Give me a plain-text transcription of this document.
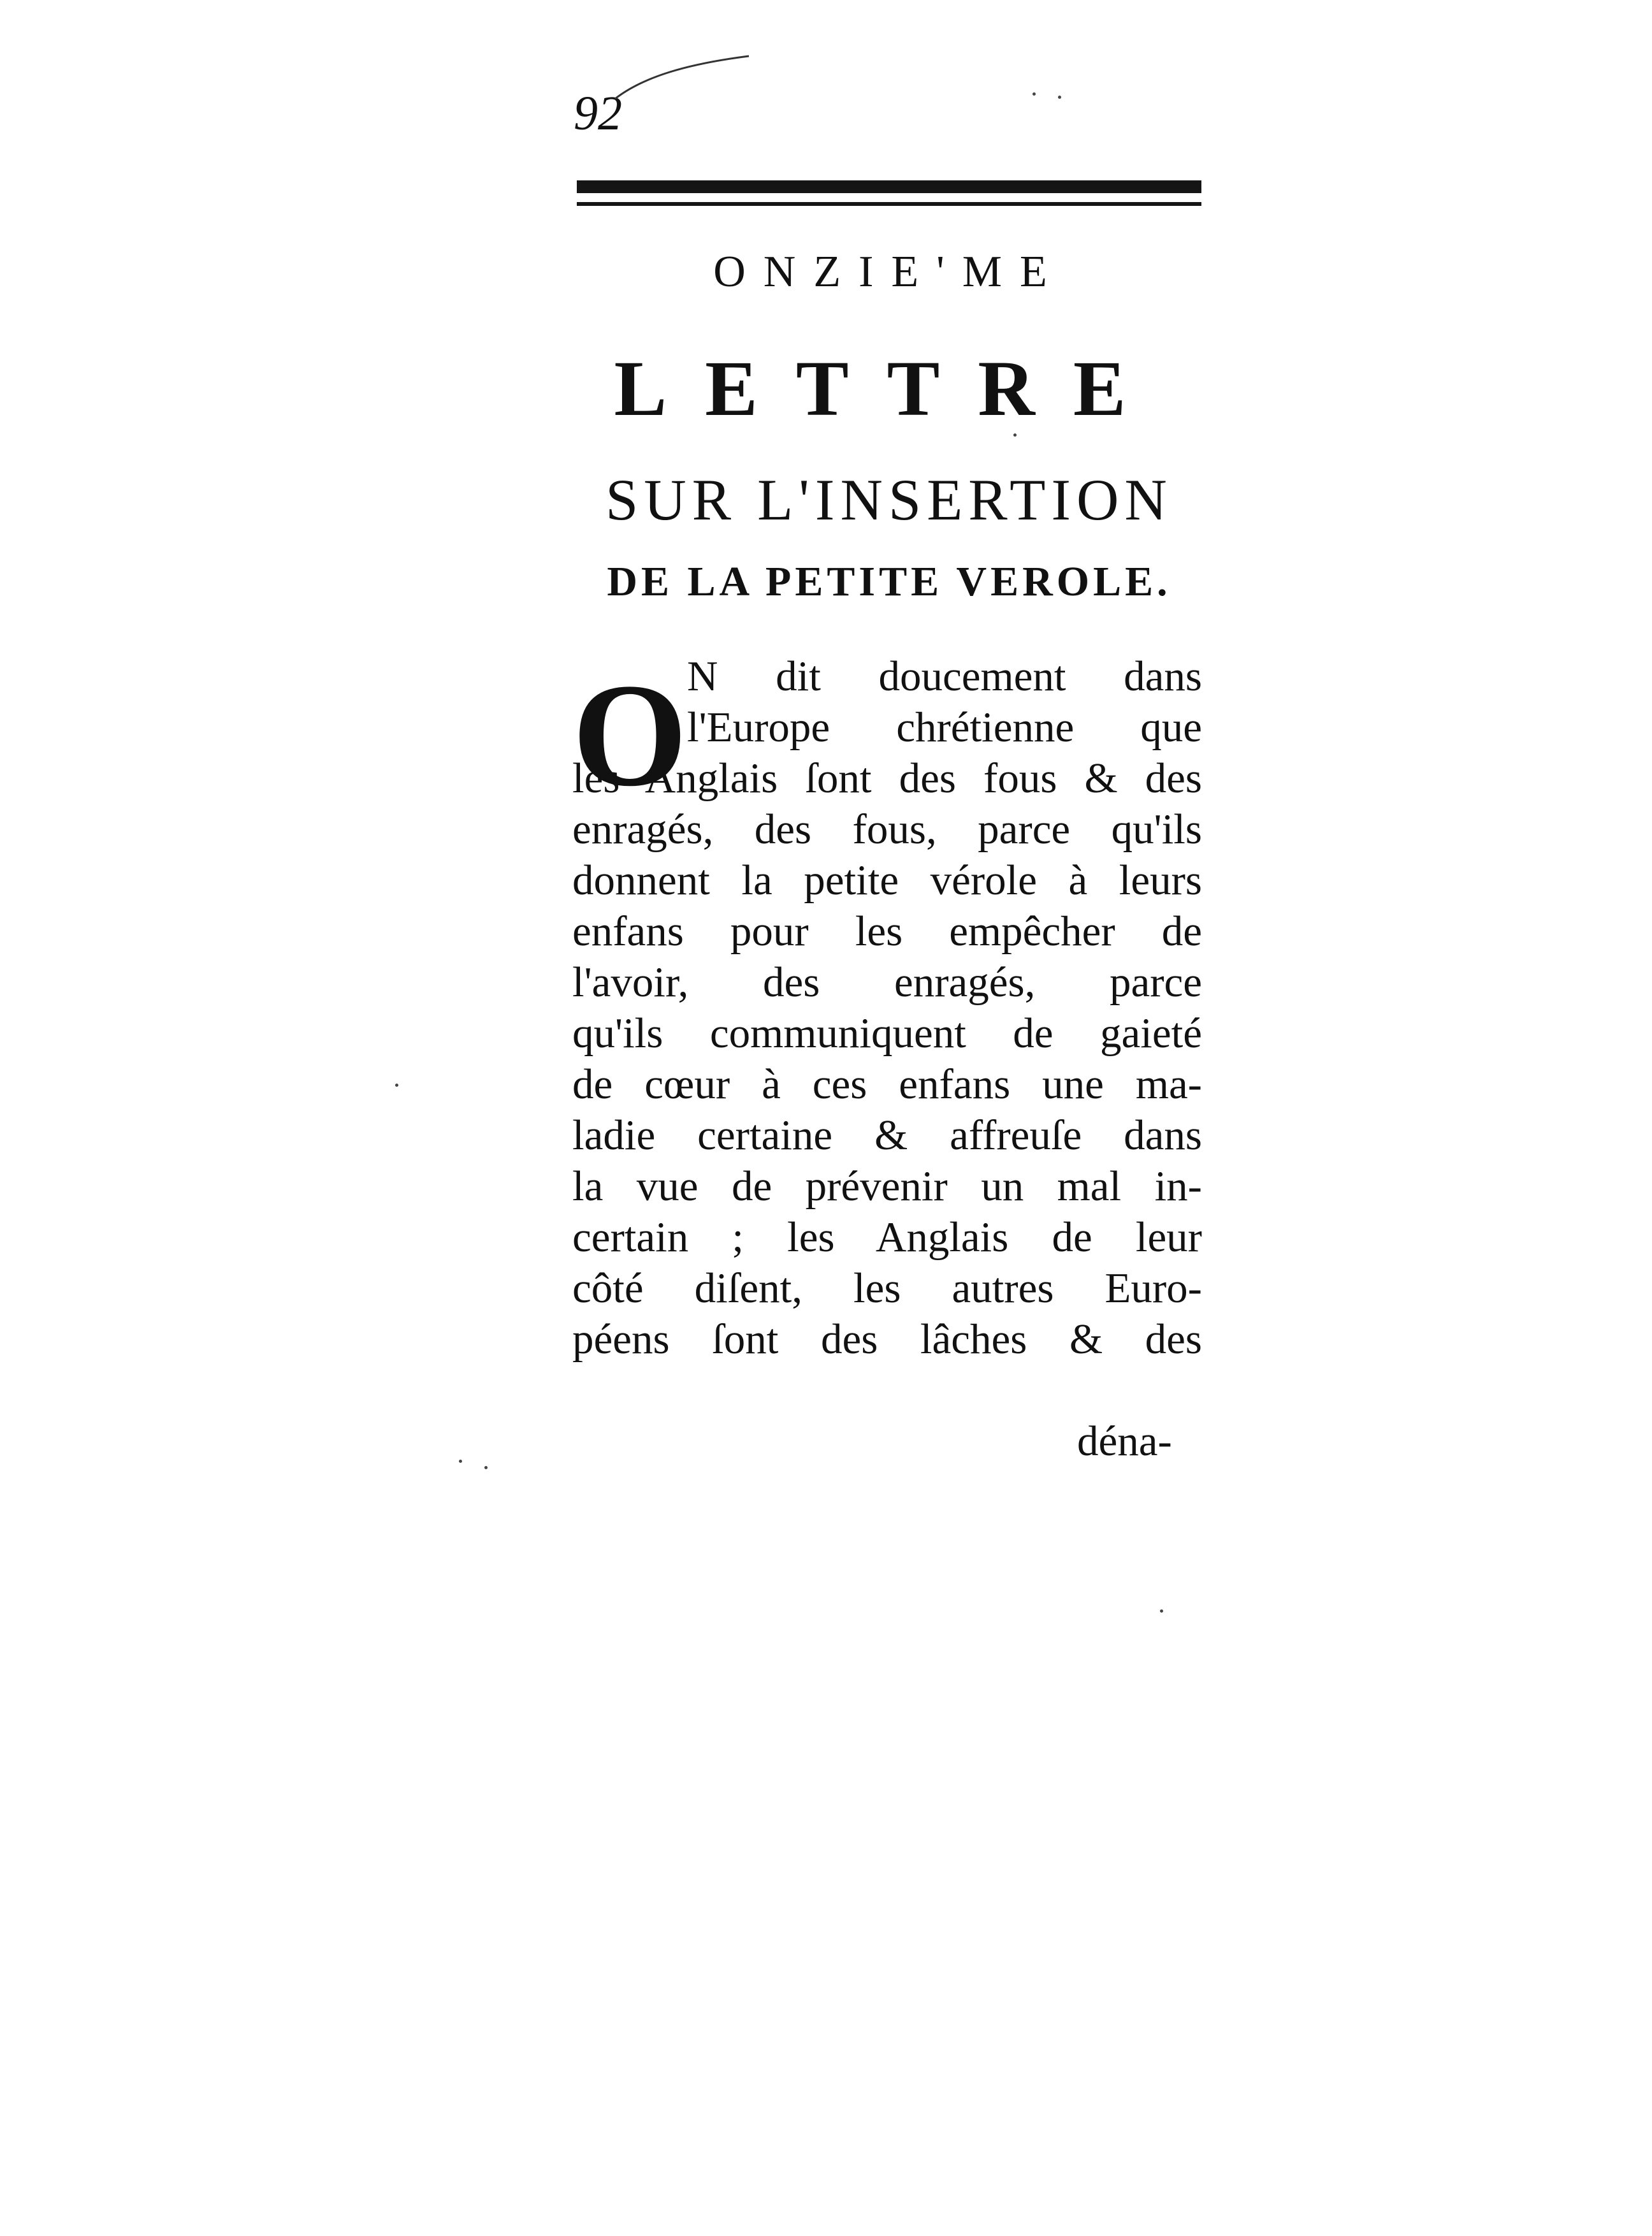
92
ONZIE'ME
LETTRE
SUR L'INSERTION
DE LA PETITE VEROLE.
O N dit doucement dans
l'Europe chrétienne que
les Anglais ſont des fous & des
enragés, des fous, parce qu'ils
donnent la petite vérole à leurs
enfans pour les empêcher de
l'avoir, des enragés, parce
qu'ils communiquent de gaieté
de cœur à ces enfans une ma-
ladie certaine & affreuſe dans
la vue de prévenir un mal in-
certain ; les Anglais de leur
côté diſent, les autres Euro-
péens ſont des lâches & des
déna-
